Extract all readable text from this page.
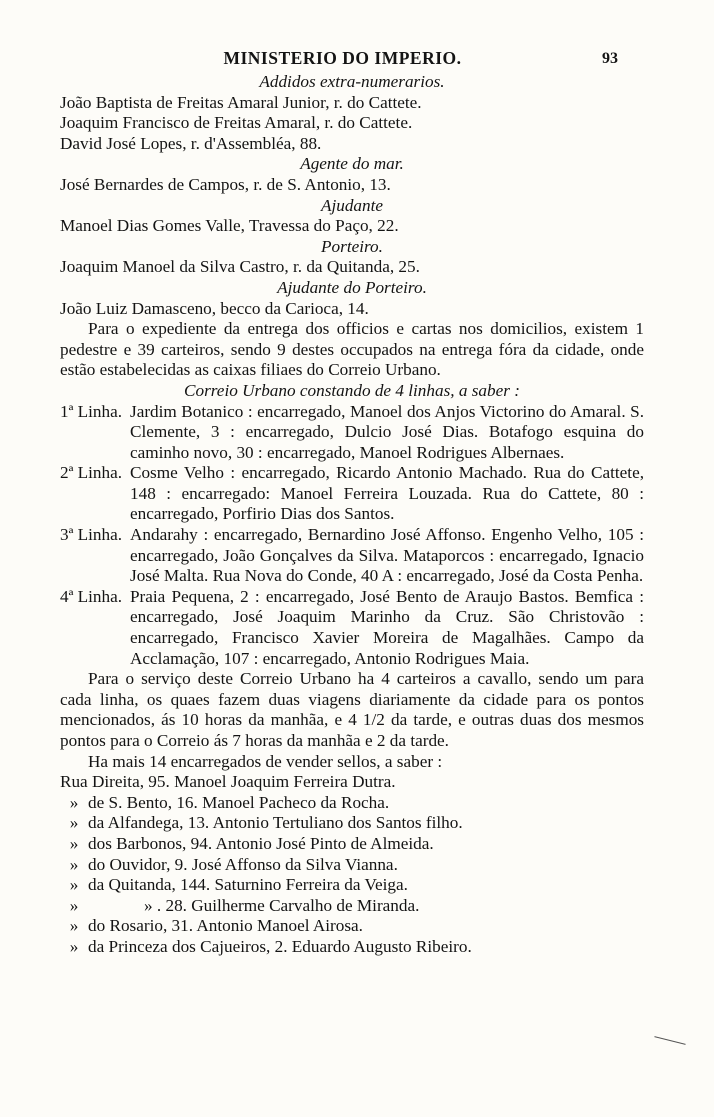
MINISTERIO DO IMPERIO.	93
Addidos extra-numerarios.
João Baptista de Freitas Amaral Junior, r. do Cattete.
Joaquim Francisco de Freitas Amaral, r. do Cattete.
David José Lopes, r. d'Assembléa, 88.
Agente do mar.
José Bernardes de Campos, r. de S. Antonio, 13.
Ajudante
Manoel Dias Gomes Valle, Travessa do Paço, 22.
Porteiro.
Joaquim Manoel da Silva Castro, r. da Quitanda, 25.
Ajudante do Porteiro.
João Luiz Damasceno, becco da Carioca, 14.

Para o expediente da entrega dos officios e cartas nos domicilios, existem 1 pedestre e 39 carteiros, sendo 9 destes occupados na entrega fóra da cidade, onde estão estabelecidas as caixas filiaes do Correio Urbano.

Correio Urbano constando de 4 linhas, a saber :
1ª Linha. Jardim Botanico : encarregado, Manoel dos Anjos Victorino do Amaral. S. Clemente, 3 : encarregado, Dulcio José Dias. Botafogo esquina do caminho novo, 30 : encarregado, Manoel Rodrigues Albernaes.
2ª Linha. Cosme Velho : encarregado, Ricardo Antonio Machado. Rua do Cattete, 148 : encarregado: Manoel Ferreira Louzada. Rua do Cattete, 80 : encarregado, Porfirio Dias dos Santos.
3ª Linha. Andarahy : encarregado, Bernardino José Affonso. Engenho Velho, 105 : encarregado, João Gonçalves da Silva. Mataporcos : encarregado, Ignacio José Malta. Rua Nova do Conde, 40 A : encarregado, José da Costa Penha.
4ª Linha. Praia Pequena, 2 : encarregado, José Bento de Araujo Bastos. Bemfica : encarregado, José Joaquim Marinho da Cruz. São Christovão : encarregado, Francisco Xavier Moreira de Magalhães. Campo da Acclamação, 107 : encarregado, Antonio Rodrigues Maia.

Para o serviço deste Correio Urbano ha 4 carteiros a cavallo, sendo um para cada linha, os quaes fazem duas viagens diariamente da cidade para os pontos mencionados, ás 10 horas da manhãa, e 4 1/2 da tarde, e outras duas dos mesmos pontos para o Correio ás 7 horas da manhãa e 2 da tarde.

Ha mais 14 encarregados de vender sellos, a saber :
Rua Direita, 95. Manoel Joaquim Ferreira Dutra.
» de S. Bento, 16. Manoel Pacheco da Rocha.
» da Alfandega, 13. Antonio Tertuliano dos Santos filho.
» dos Barbonos, 94. Antonio José Pinto de Almeida.
» do Ouvidor, 9. José Affonso da Silva Vianna.
» da Quitanda, 144. Saturnino Ferreira da Veiga.
»	» . 28. Guilherme Carvalho de Miranda.
» do Rosario, 31. Antonio Manoel Airosa.
» da Princeza dos Cajueiros, 2. Eduardo Augusto Ribeiro.
